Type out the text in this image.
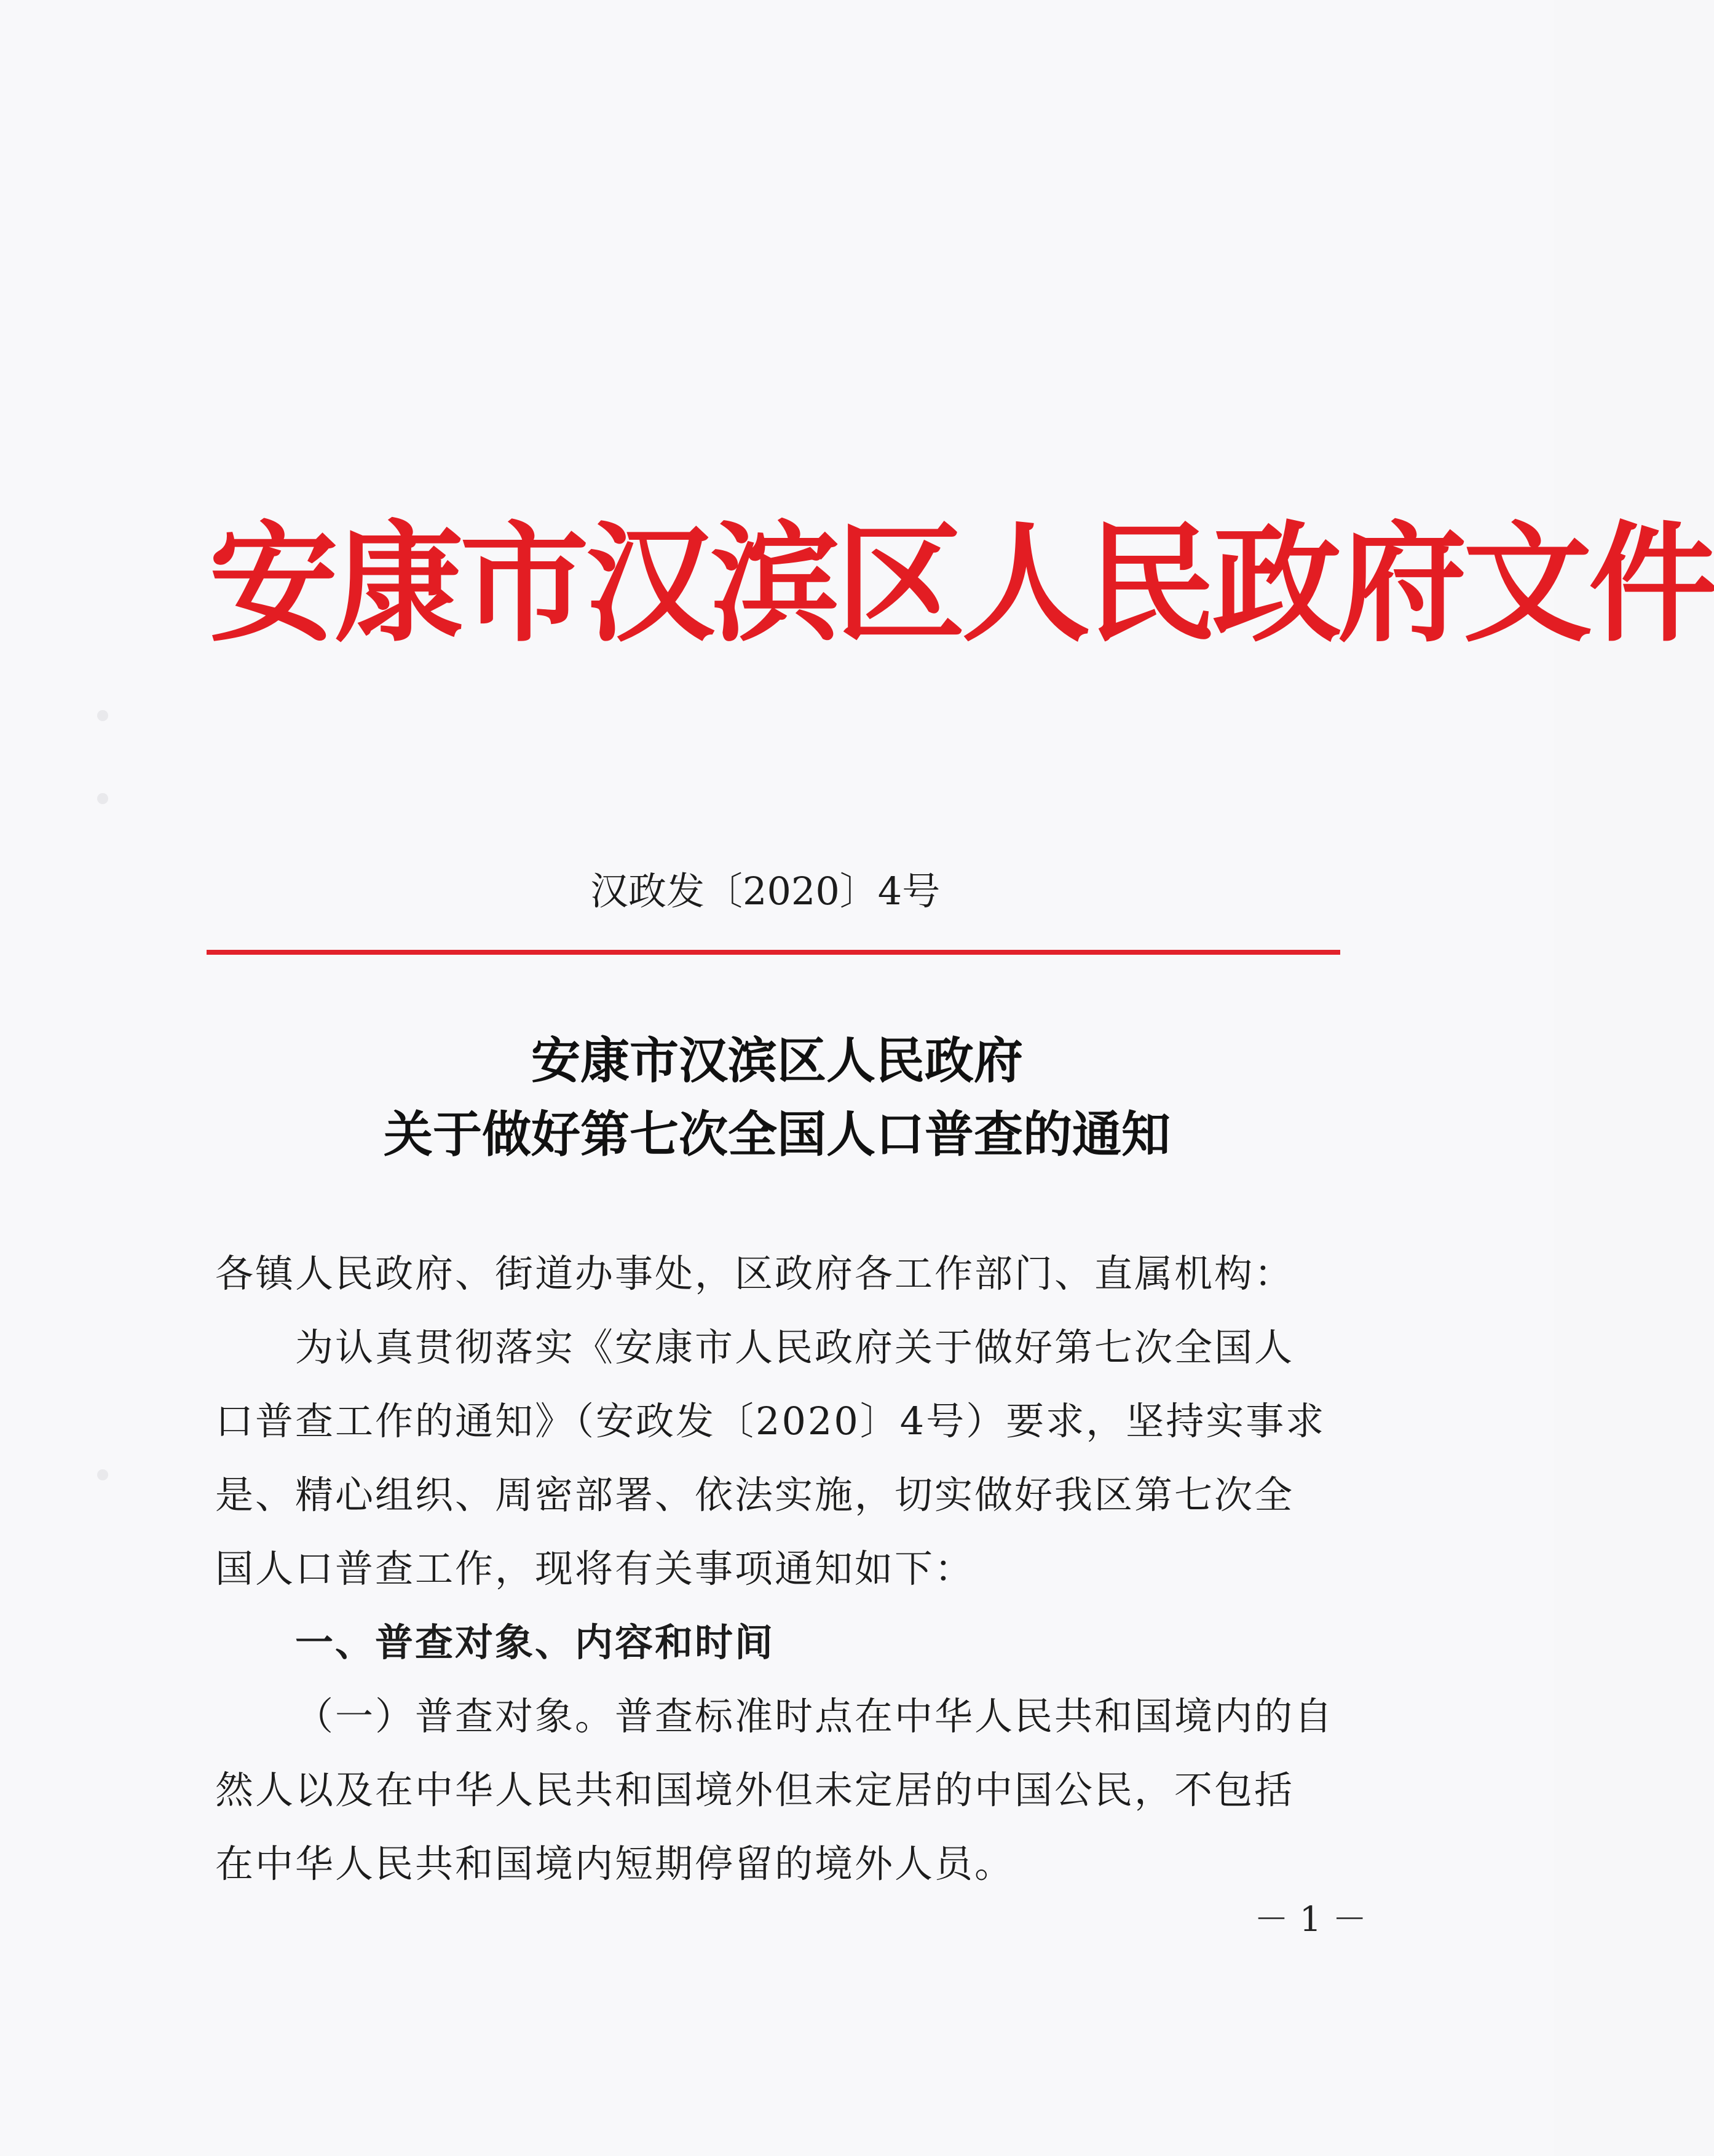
安康市汉滨区人民政府文件
汉政发〔2020〕4号
安康市汉滨区人民政府
关于做好第七次全国人口普查的通知
各镇人民政府、街道办事处，区政府各工作部门、直属机构：
为认真贯彻落实《安康市人民政府关于做好第七次全国人
口普查工作的通知》（安政发〔2020〕4号）要求，坚持实事求
是、精心组织、周密部署、依法实施，切实做好我区第七次全
国人口普查工作，现将有关事项通知如下：
一、普查对象、内容和时间
（一）普查对象。普查标准时点在中华人民共和国境内的自
然人以及在中华人民共和国境外但未定居的中国公民，不包括
在中华人民共和国境内短期停留的境外人员。
－ 1 －
